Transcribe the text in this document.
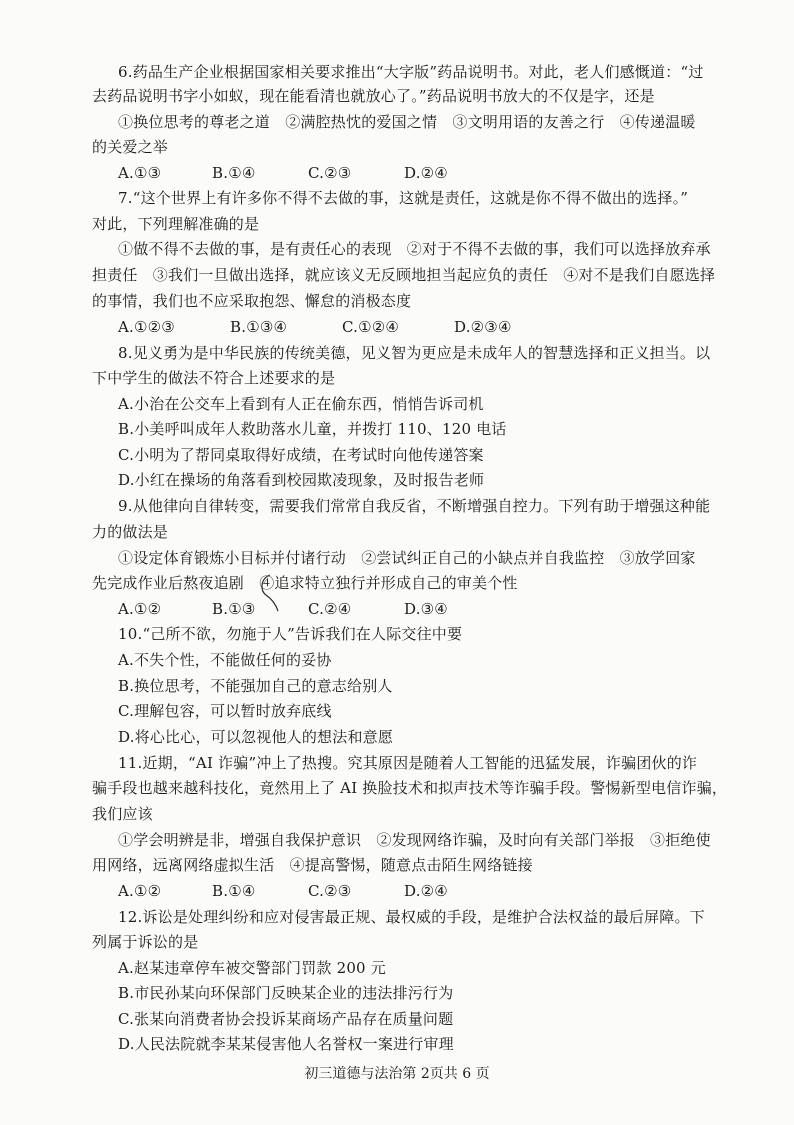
6.药品生产企业根据国家相关要求推出“大字版”药品说明书。对此，老人们感慨道：“过
去药品说明书字小如蚁，现在能看清也就放心了。”药品说明书放大的不仅是字，还是
①换位思考的尊老之道　②满腔热忱的爱国之情　③文明用语的友善之行　④传递温暖
的关爱之举
A.①③	B.①④	C.②③	D.②④
7.“这个世界上有许多你不得不去做的事，这就是责任，这就是你不得不做出的选择。”
对此，下列理解准确的是
①做不得不去做的事，是有责任心的表现　②对于不得不去做的事，我们可以选择放弃承
担责任　③我们一旦做出选择，就应该义无反顾地担当起应负的责任　④对不是我们自愿选择
的事情，我们也不应采取抱怨、懈怠的消极态度
A.①②③	B.①③④	C.①②④	D.②③④
8.见义勇为是中华民族的传统美德，见义智为更应是未成年人的智慧选择和正义担当。以
下中学生的做法不符合上述要求的是
A.小治在公交车上看到有人正在偷东西，悄悄告诉司机
B.小美呼叫成年人救助落水儿童，并拨打 110、120 电话
C.小明为了帮同桌取得好成绩，在考试时向他传递答案
D.小红在操场的角落看到校园欺凌现象，及时报告老师
9.从他律向自律转变，需要我们常常自我反省，不断增强自控力。下列有助于增强这种能
力的做法是
①设定体育锻炼小目标并付诸行动　②尝试纠正自己的小缺点并自我监控　③放学回家
先完成作业后熬夜追剧　④追求特立独行并形成自己的审美个性
A.①②	B.①③	C.②④	D.③④
10.“己所不欲，勿施于人”告诉我们在人际交往中要
A.不失个性，不能做任何的妥协
B.换位思考，不能强加自己的意志给别人
C.理解包容，可以暂时放弃底线
D.将心比心，可以忽视他人的想法和意愿
11.近期，“AI 诈骗”冲上了热搜。究其原因是随着人工智能的迅猛发展，诈骗团伙的诈
骗手段也越来越科技化，竟然用上了 AI 换脸技术和拟声技术等诈骗手段。警惕新型电信诈骗，
我们应该
①学会明辨是非，增强自我保护意识　②发现网络诈骗，及时向有关部门举报　③拒绝使
用网络，远离网络虚拟生活　④提高警惕，随意点击陌生网络链接
A.①②	B.①④	C.②③	D.②④
12.诉讼是处理纠纷和应对侵害最正规、最权威的手段，是维护合法权益的最后屏障。下
列属于诉讼的是
A.赵某违章停车被交警部门罚款 200 元
B.市民孙某向环保部门反映某企业的违法排污行为
C.张某向消费者协会投诉某商场产品存在质量问题
D.人民法院就李某某侵害他人名誉权一案进行审理
初三道德与法治第 2页共 6 页
